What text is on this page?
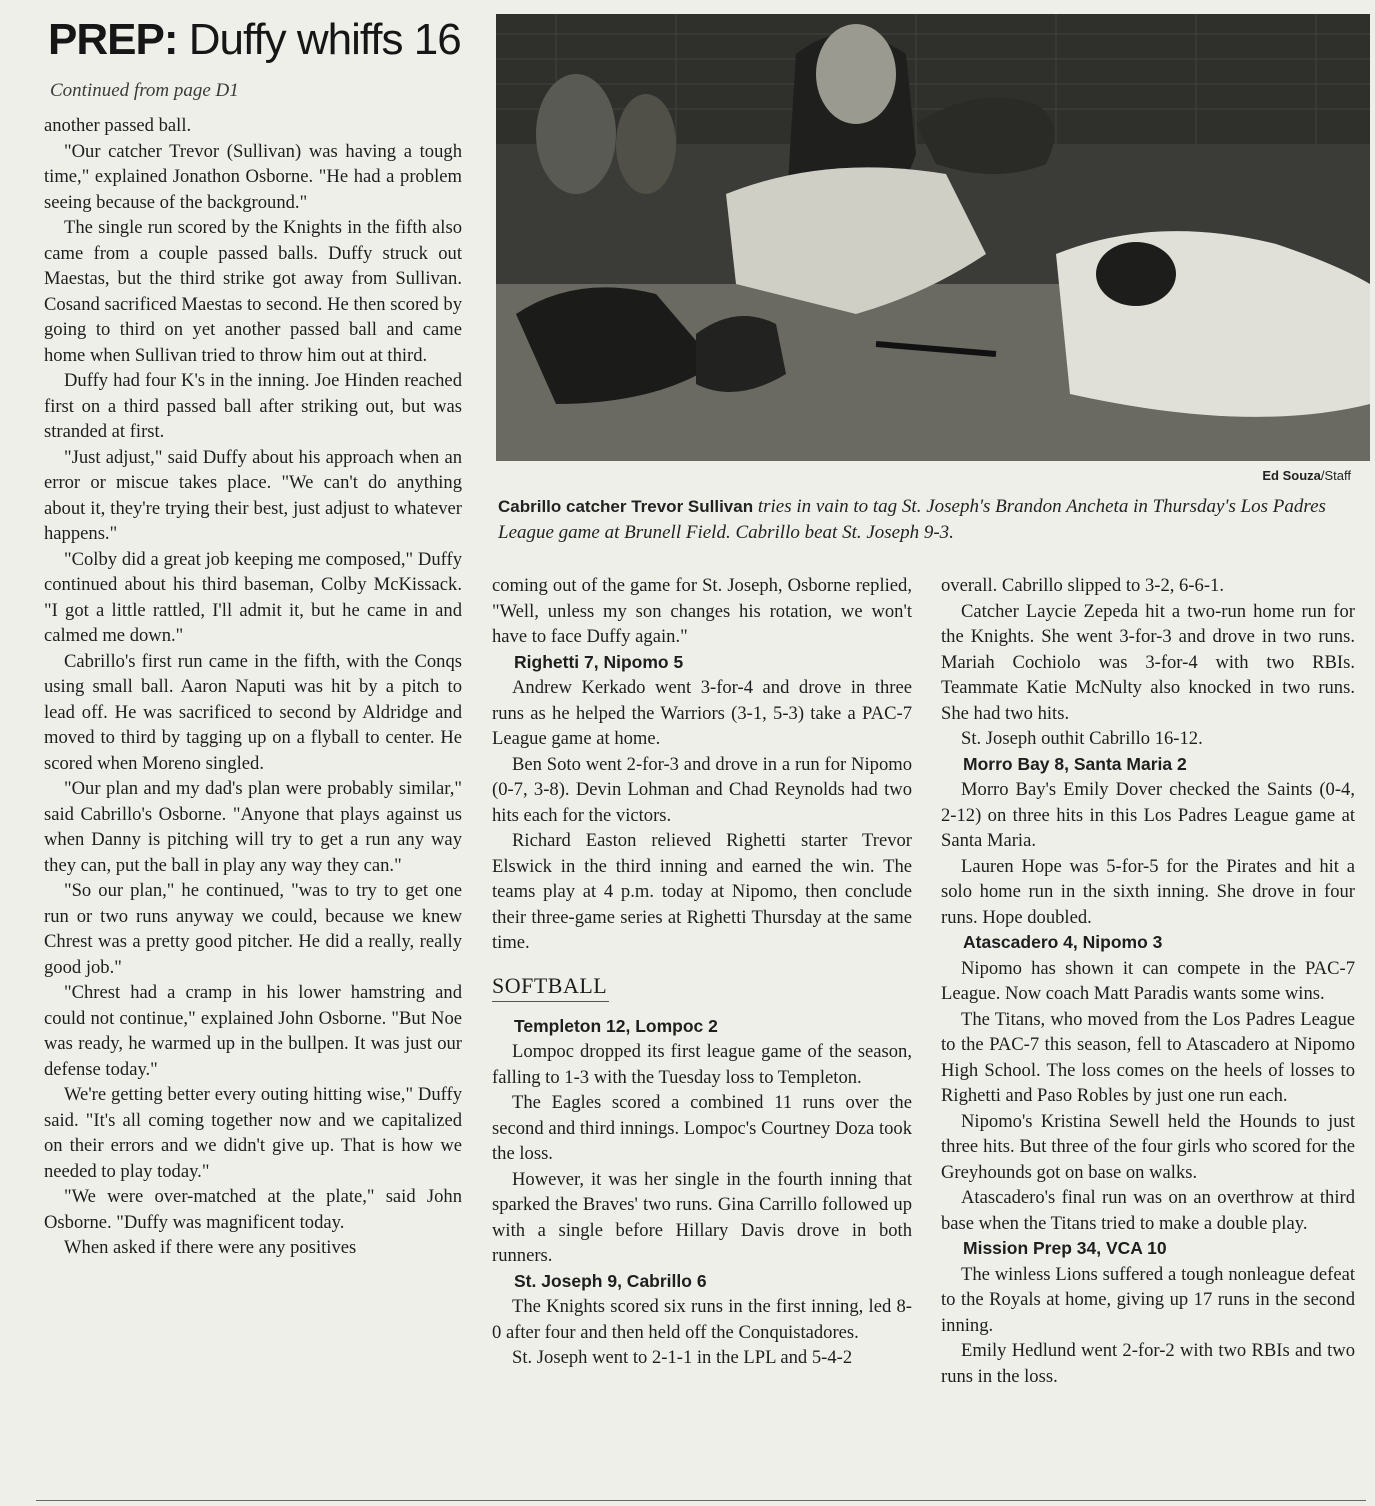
PREP: Duffy whiffs 16
Continued from page D1

another passed ball.

"Our catcher Trevor (Sullivan) was having a tough time," explained Jonathon Osborne. "He had a problem seeing because of the background."

The single run scored by the Knights in the fifth also came from a couple passed balls. Duffy struck out Maestas, but the third strike got away from Sullivan. Cosand sacrificed Maestas to second. He then scored by going to third on yet another passed ball and came home when Sullivan tried to throw him out at third.

Duffy had four K's in the inning. Joe Hinden reached first on a third passed ball after striking out, but was stranded at first.

"Just adjust," said Duffy about his approach when an error or miscue takes place. "We can't do anything about it, they're trying their best, just adjust to whatever happens."

"Colby did a great job keeping me composed," Duffy continued about his third baseman, Colby McKissack. "I got a little rattled, I'll admit it, but he came in and calmed me down."

Cabrillo's first run came in the fifth, with the Conqs using small ball. Aaron Naputi was hit by a pitch to lead off. He was sacrificed to second by Aldridge and moved to third by tagging up on a flyball to center. He scored when Moreno singled.

"Our plan and my dad's plan were probably similar," said Cabrillo's Osborne. "Anyone that plays against us when Danny is pitching will try to get a run any way they can, put the ball in play any way they can."

"So our plan," he continued, "was to try to get one run or two runs anyway we could, because we knew Chrest was a pretty good pitcher. He did a really, really good job."

"Chrest had a cramp in his lower hamstring and could not continue," explained John Osborne. "But Noe was ready, he warmed up in the bullpen. It was just our defense today."

We're getting better every outing hitting wise," Duffy said. "It's all coming together now and we capitalized on their errors and we didn't give up. That is how we needed to play today."

"We were over-matched at the plate," said John Osborne. "Duffy was magnificent today.

When asked if there were any positives

Ed Souza/Staff
Cabrillo catcher Trevor Sullivan tries in vain to tag St. Joseph's Brandon Ancheta in Thursday's Los Padres League game at Brunell Field. Cabrillo beat St. Joseph 9-3.

coming out of the game for St. Joseph, Osborne replied, "Well, unless my son changes his rotation, we won't have to face Duffy again."

Righetti 7, Nipomo 5

Andrew Kerkado went 3-for-4 and drove in three runs as he helped the Warriors (3-1, 5-3) take a PAC-7 League game at home.

Ben Soto went 2-for-3 and drove in a run for Nipomo (0-7, 3-8). Devin Lohman and Chad Reynolds had two hits each for the victors.

Richard Easton relieved Righetti starter Trevor Elswick in the third inning and earned the win. The teams play at 4 p.m. today at Nipomo, then conclude their three-game series at Righetti Thursday at the same time.

SOFTBALL
Templeton 12, Lompoc 2

Lompoc dropped its first league game of the season, falling to 1-3 with the Tuesday loss to Templeton.

The Eagles scored a combined 11 runs over the second and third innings. Lompoc's Courtney Doza took the loss.

However, it was her single in the fourth inning that sparked the Braves' two runs. Gina Carrillo followed up with a single before Hillary Davis drove in both runners.

St. Joseph 9, Cabrillo 6

The Knights scored six runs in the first inning, led 8-0 after four and then held off the Conquistadores.

St. Joseph went to 2-1-1 in the LPL and 5-4-2

overall. Cabrillo slipped to 3-2, 6-6-1.

Catcher Laycie Zepeda hit a two-run home run for the Knights. She went 3-for-3 and drove in two runs. Mariah Cochiolo was 3-for-4 with two RBIs. Teammate Katie McNulty also knocked in two runs. She had two hits.

St. Joseph outhit Cabrillo 16-12.

Morro Bay 8, Santa Maria 2

Morro Bay's Emily Dover checked the Saints (0-4, 2-12) on three hits in this Los Padres League game at Santa Maria.

Lauren Hope was 5-for-5 for the Pirates and hit a solo home run in the sixth inning. She drove in four runs. Hope doubled.

Atascadero 4, Nipomo 3

Nipomo has shown it can compete in the PAC-7 League. Now coach Matt Paradis wants some wins.

The Titans, who moved from the Los Padres League to the PAC-7 this season, fell to Atascadero at Nipomo High School. The loss comes on the heels of losses to Righetti and Paso Robles by just one run each.

Nipomo's Kristina Sewell held the Hounds to just three hits. But three of the four girls who scored for the Greyhounds got on base on walks.

Atascadero's final run was on an overthrow at third base when the Titans tried to make a double play.

Mission Prep 34, VCA 10

The winless Lions suffered a tough nonleague defeat to the Royals at home, giving up 17 runs in the second inning.

Emily Hedlund went 2-for-2 with two RBIs and two runs in the loss.
